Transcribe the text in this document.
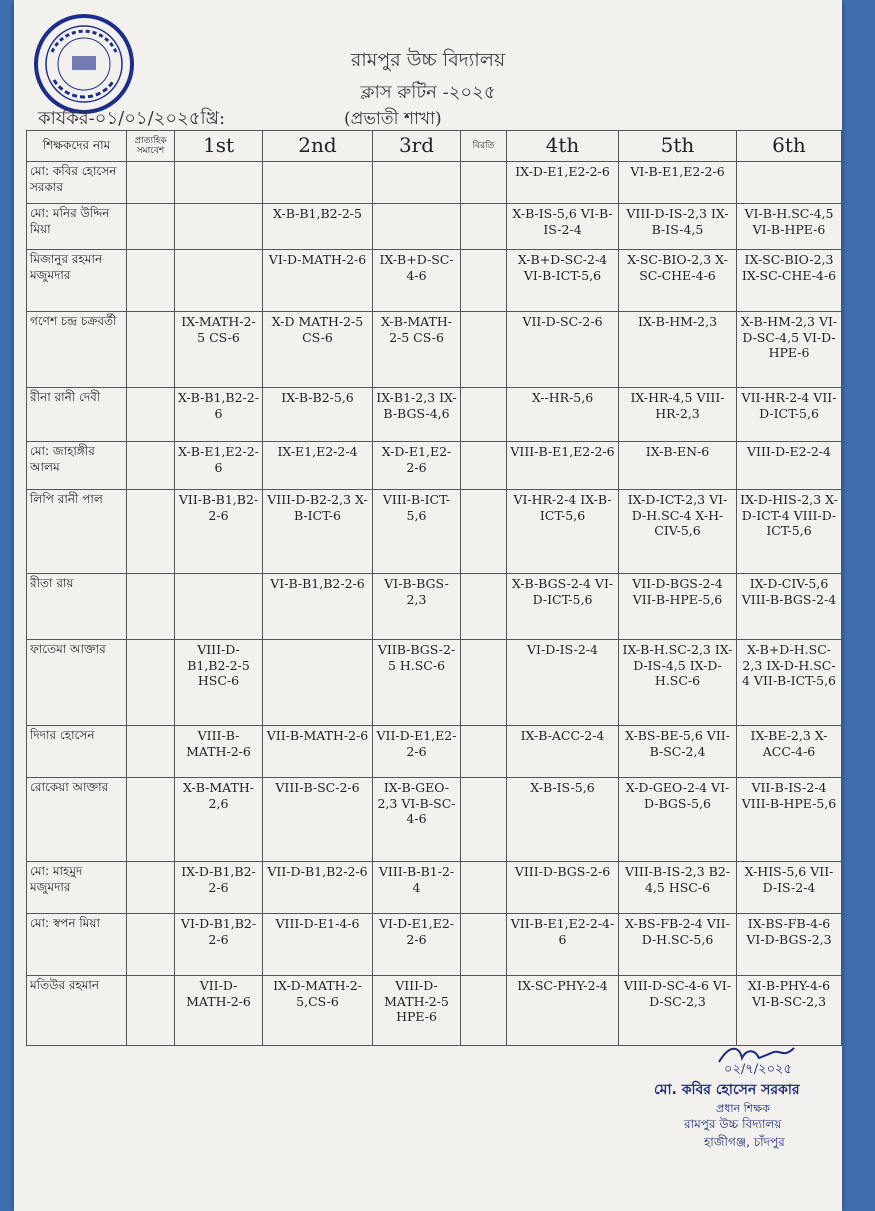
রামপুর উচ্চ বিদ্যালয়
ক্লাস রুটিন -২০২৫
কার্যকর-০১/০১/২০২৫খ্রি:	(প্রভাতী শাখা)
শিক্ষকদের নাম	প্রাত্যহিক সমাবেশ	1st	2nd	3rd	বিরতি	4th	5th	6th
মো: কবির হোসেন সরকার						IX-D-E1,E2-2-6	VI-B-E1,E2-2-6	
মো: মনির উদ্দিন মিয়া			X-B-B1,B2-2-5			X-B-IS-5,6 VI-B-IS-2-4	VIII-D-IS-2,3 IX-B-IS-4,5	VI-B-H.SC-4,5 VI-B-HPE-6
মিজানুর রহমান মজুমদার			VI-D-MATH-2-6	IX-B+D-SC-4-6		X-B+D-SC-2-4 VI-B-ICT-5,6	X-SC-BIO-2,3 X-SC-CHE-4-6	IX-SC-BIO-2,3 IX-SC-CHE-4-6
গণেশ চন্দ্র চক্রবর্তী		IX-MATH-2-5 CS-6	X-D MATH-2-5 CS-6	X-B-MATH-2-5 CS-6		VII-D-SC-2-6	IX-B-HM-2,3	X-B-HM-2,3 VI-D-SC-4,5 VI-D-HPE-6
রীনা রানী দেবী		X-B-B1,B2-2-6	IX-B-B2-5,6	IX-B1-2,3 IX-B-BGS-4,6		X--HR-5,6	IX-HR-4,5 VIII-HR-2,3	VII-HR-2-4 VII-D-ICT-5,6
মো: জাহাঙ্গীর আলম		X-B-E1,E2-2-6	IX-E1,E2-2-4	X-D-E1,E2-2-6		VIII-B-E1,E2-2-6	IX-B-EN-6	VIII-D-E2-2-4
লিপি রানী পাল		VII-B-B1,B2-2-6	VIII-D-B2-2,3 X-B-ICT-6	VIII-B-ICT-5,6		VI-HR-2-4 IX-B-ICT-5,6	IX-D-ICT-2,3 VI-D-H.SC-4 X-H-CIV-5,6	IX-D-HIS-2,3 X-D-ICT-4 VIII-D-ICT-5,6
রীতা রায়			VI-B-B1,B2-2-6	VI-B-BGS-2,3		X-B-BGS-2-4 VI-D-ICT-5,6	VII-D-BGS-2-4 VII-B-HPE-5,6	IX-D-CIV-5,6 VIII-B-BGS-2-4
ফাতেমা আক্তার		VIII-D-B1,B2-2-5 HSC-6		VIIB-BGS-2-5 H.SC-6		VI-D-IS-2-4	IX-B-H.SC-2,3 IX-D-IS-4,5 IX-D-H.SC-6	X-B+D-H.SC-2,3 IX-D-H.SC-4 VII-B-ICT-5,6
দিদার হোসেন		VIII-B-MATH-2-6	VII-B-MATH-2-6	VII-D-E1,E2-2-6		IX-B-ACC-2-4	X-BS-BE-5,6 VII-B-SC-2,4	IX-BE-2,3 X-ACC-4-6
রোকেয়া আক্তার		X-B-MATH-2,6	VIII-B-SC-2-6	IX-B-GEO-2,3 VI-B-SC-4-6		X-B-IS-5,6	X-D-GEO-2-4 VI-D-BGS-5,6	VII-B-IS-2-4 VIII-B-HPE-5,6
মো: মাহমুদ মজুমদার		IX-D-B1,B2-2-6	VII-D-B1,B2-2-6	VIII-B-B1-2-4		VIII-D-BGS-2-6	VIII-B-IS-2,3 B2-4,5 HSC-6	X-HIS-5,6 VII-D-IS-2-4
মো: স্বপন মিয়া		VI-D-B1,B2-2-6	VIII-D-E1-4-6	VI-D-E1,E2-2-6		VII-B-E1,E2-2-4-6	X-BS-FB-2-4 VII-D-H.SC-5,6	IX-BS-FB-4-6 VI-D-BGS-2,3
মতিউর রহমান		VII-D-MATH-2-6	IX-D-MATH-2-5,CS-6	VIII-D-MATH-2-5 HPE-6		IX-SC-PHY-2-4	VIII-D-SC-4-6 VI-D-SC-2,3	XI-B-PHY-4-6 VI-B-SC-2,3
০২/৭/২০২৫
মো. কবির হোসেন সরকার
প্রধান শিক্ষক
রামপুর উচ্চ বিদ্যালয়
হাজীগঞ্জ, চাঁদপুর
